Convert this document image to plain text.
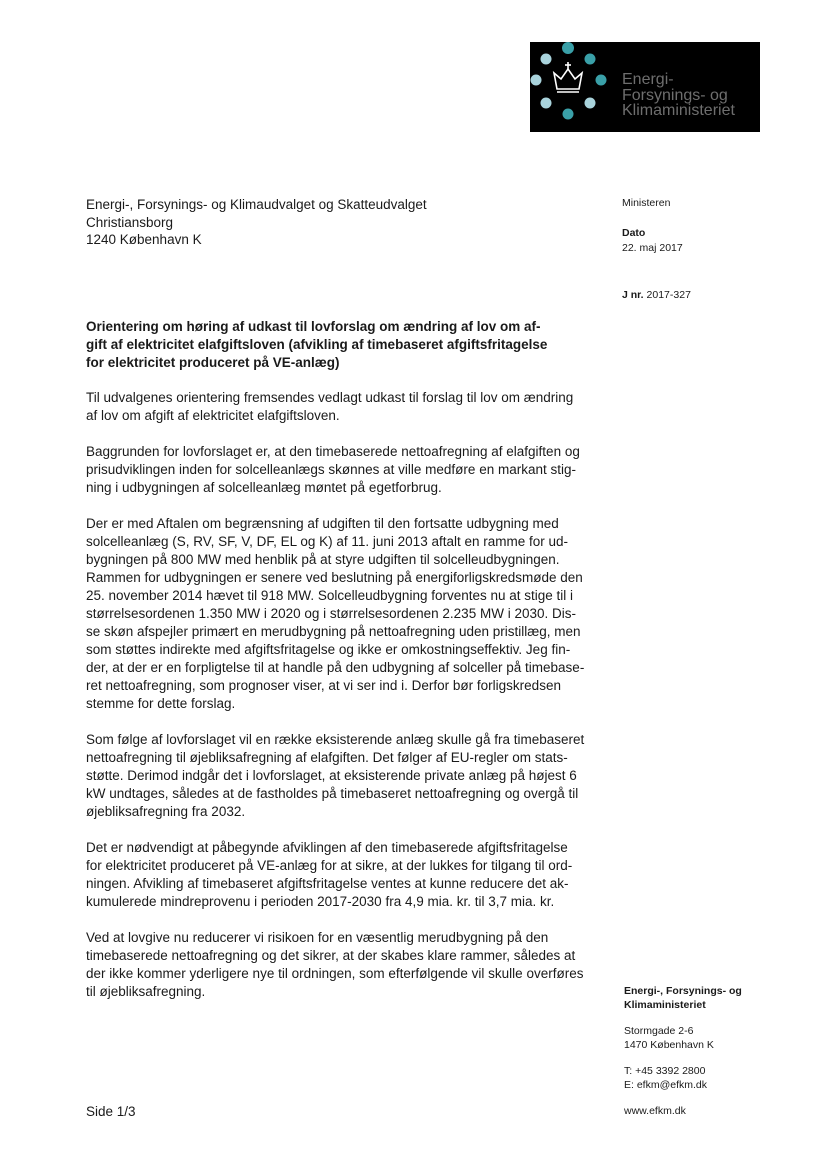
Energi-
Forsynings- og
Klimaministeriet
Energi-, Forsynings- og Klimaudvalget og Skatteudvalget
Christiansborg
1240 København K
Ministeren
Dato
22. maj 2017
J nr. 2017-327
Orientering om høring af udkast til lovforslag om ændring af lov om af-
gift af elektricitet elafgiftsloven (afvikling af timebaseret afgiftsfritagelse
for elektricitet produceret på VE-anlæg)

Til udvalgenes orientering fremsendes vedlagt udkast til forslag til lov om ændring
af lov om afgift af elektricitet elafgiftsloven.

Baggrunden for lovforslaget er, at den timebaserede nettoafregning af elafgiften og
prisudviklingen inden for solcelleanlægs skønnes at ville medføre en markant stig-
ning i udbygningen af solcelleanlæg møntet på egetforbrug.

Der er med Aftalen om begrænsning af udgiften til den fortsatte udbygning med
solcelleanlæg (S, RV, SF, V, DF, EL og K) af 11. juni 2013 aftalt en ramme for ud-
bygningen på 800 MW med henblik på at styre udgiften til solcelleudbygningen.
Rammen for udbygningen er senere ved beslutning på energiforligskredsmøde den
25. november 2014 hævet til 918 MW. Solcelleudbygning forventes nu at stige til i
størrelsesordenen 1.350 MW i 2020 og i størrelsesordenen 2.235 MW i 2030. Dis-
se skøn afspejler primært en merudbygning på nettoafregning uden pristillæg, men
som støttes indirekte med afgiftsfritagelse og ikke er omkostningseffektiv. Jeg fin-
der, at der er en forpligtelse til at handle på den udbygning af solceller på timebase-
ret nettoafregning, som prognoser viser, at vi ser ind i. Derfor bør forligskredsen
stemme for dette forslag.

Som følge af lovforslaget vil en række eksisterende anlæg skulle gå fra timebaseret
nettoafregning til øjebliksafregning af elafgiften. Det følger af EU-regler om stats-
støtte. Derimod indgår det i lovforslaget, at eksisterende private anlæg på højest 6
kW undtages, således at de fastholdes på timebaseret nettoafregning og overgå til
øjebliksafregning fra 2032.

Det er nødvendigt at påbegynde afviklingen af den timebaserede afgiftsfritagelse
for elektricitet produceret på VE-anlæg for at sikre, at der lukkes for tilgang til ord-
ningen. Afvikling af timebaseret afgiftsfritagelse ventes at kunne reducere det ak-
kumulerede mindreprovenu i perioden 2017-2030 fra 4,9 mia. kr. til 3,7 mia. kr.

Ved at lovgive nu reducerer vi risikoen for en væsentlig merudbygning på den
timebaserede nettoafregning og det sikrer, at der skabes klare rammer, således at
der ikke kommer yderligere nye til ordningen, som efterfølgende vil skulle overføres
til øjebliksafregning.

Side 1/3
Energi-, Forsynings- og
Klimaministeriet
Stormgade 2-6
1470 København K
T: +45 3392 2800
E: efkm@efkm.dk
www.efkm.dk
